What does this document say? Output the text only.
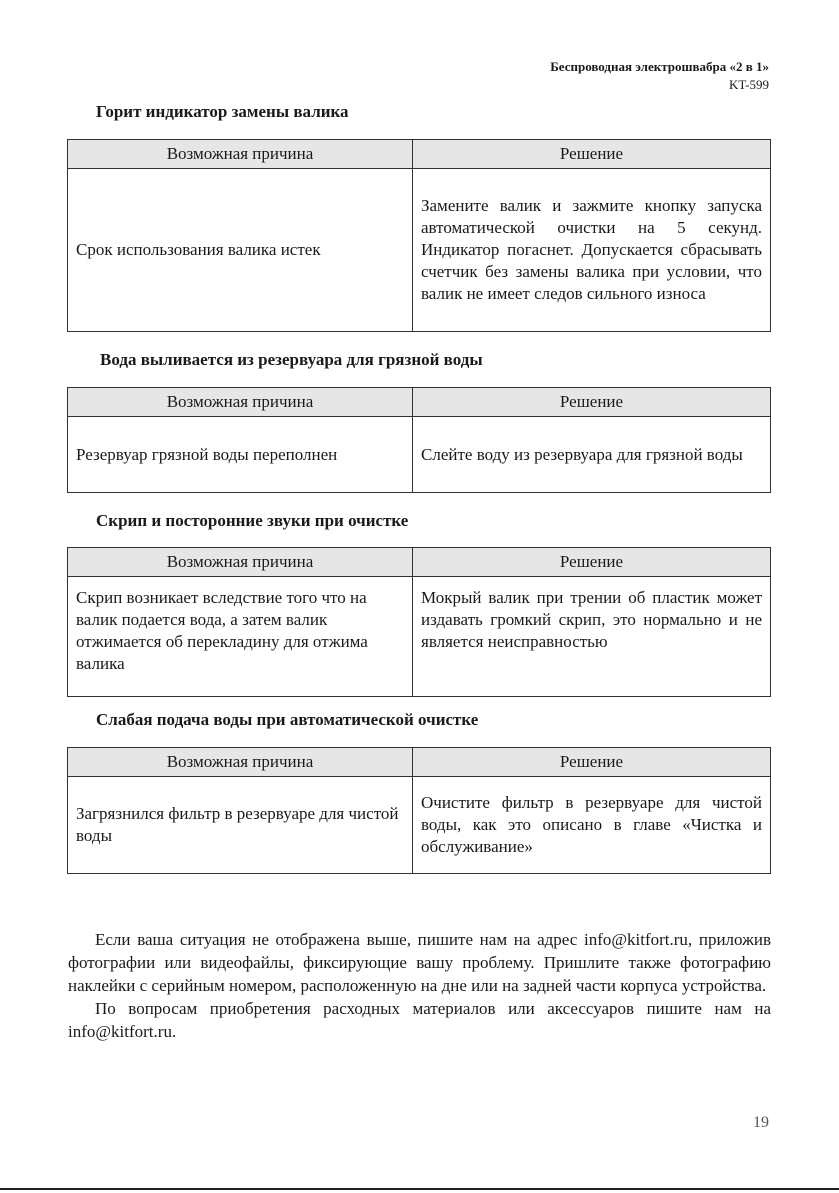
Беспроводная электрошвабра «2 в 1»
KT-599
Горит индикатор замены валика
Возможная причина	Решение
Срок использования валика истек	Замените валик и зажмите кнопку запуска автоматической очистки на 5 секунд. Индикатор погаснет. Допускается сбрасывать счетчик без замены валика при условии, что валик не имеет следов сильного износа
Вода выливается из резервуара для грязной воды
Возможная причина	Решение
Резервуар грязной воды переполнен	Слейте воду из резервуара для грязной воды
Скрип и посторонние звуки при очистке
Возможная причина	Решение
Скрип возникает вследствие того что на валик подается вода, а затем валик отжимается об перекладину для отжима валика	Мокрый валик при трении об пластик может издавать громкий скрип, это нормально и не является неисправностью
Слабая подача воды при автоматической очистке
Возможная причина	Решение
Загрязнился фильтр в резервуаре для чистой воды	Очистите фильтр в резервуаре для чистой воды, как это описано в главе «Чистка и обслуживание»

Если ваша ситуация не отображена выше, пишите нам на адрес info@kitfort.ru, приложив фотографии или видеофайлы, фиксирующие вашу проблему. Пришлите также фотографию наклейки с серийным номером, расположенную на дне или на задней части корпуса устройства.

По вопросам приобретения расходных материалов или аксессуаров пишите нам на info@kitfort.ru.

19
